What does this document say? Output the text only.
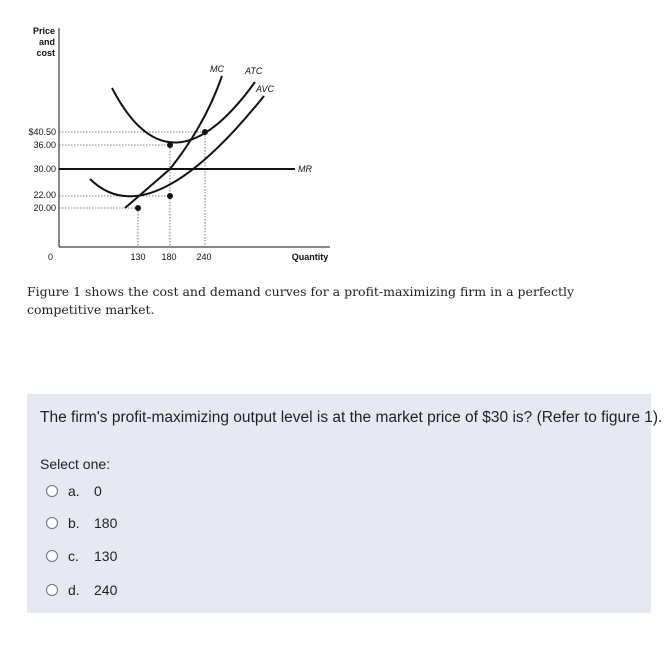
Price
and
cost
$40.50
36.00
30.00
22.00
20.00
0	130 180 240	Quantity
MR
ATC
AVC
MC
Figure 1 shows the cost and demand curves for a profit-maximizing firm in a perfectly competitive market.
The firm's profit-maximizing output level is at the market price of $30 is? (Refer to figure 1).
Select one:
a.	0
b.	180
c.	130
d.	240
